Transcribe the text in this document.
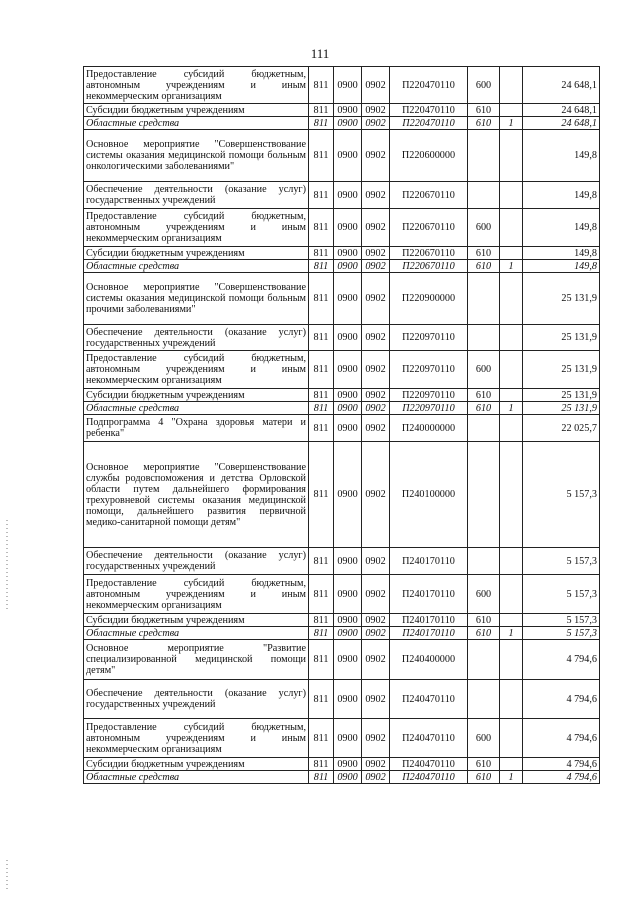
111
Предоставление субсидий бюджетным, автономным учреждениям и иным некоммерческим организациям	811	0900	0902	П220470110	600		24 648,1
Субсидии бюджетным учреждениям	811	0900	0902	П220470110	610		24 648,1
Областные средства	811	0900	0902	П220470110	610	1	24 648,1
Основное мероприятие "Совершенствование системы оказания медицинской помощи больным онкологическими заболеваниями"	811	0900	0902	П220600000			149,8
Обеспечение деятельности (оказание услуг) государственных учреждений	811	0900	0902	П220670110			149,8
Предоставление субсидий бюджетным, автономным учреждениям и иным некоммерческим организациям	811	0900	0902	П220670110	600		149,8
Субсидии бюджетным учреждениям	811	0900	0902	П220670110	610		149,8
Областные средства	811	0900	0902	П220670110	610	1	149,8
Основное мероприятие "Совершенствование системы оказания медицинской помощи больным прочими заболеваниями"	811	0900	0902	П220900000			25 131,9
Обеспечение деятельности (оказание услуг) государственных учреждений	811	0900	0902	П220970110			25 131,9
Предоставление субсидий бюджетным, автономным учреждениям и иным некоммерческим организациям	811	0900	0902	П220970110	600		25 131,9
Субсидии бюджетным учреждениям	811	0900	0902	П220970110	610		25 131,9
Областные средства	811	0900	0902	П220970110	610	1	25 131,9
Подпрограмма 4 "Охрана здоровья матери и ребенка"	811	0900	0902	П240000000			22 025,7
Основное мероприятие "Совершенствование службы родовспоможения и детства Орловской области путем дальнейшего формирования трехуровневой системы оказания медицинской помощи, дальнейшего развития первичной медико-санитарной помощи детям"	811	0900	0902	П240100000			5 157,3
Обеспечение деятельности (оказание услуг) государственных учреждений	811	0900	0902	П240170110			5 157,3
Предоставление субсидий бюджетным, автономным учреждениям и иным некоммерческим организациям	811	0900	0902	П240170110	600		5 157,3
Субсидии бюджетным учреждениям	811	0900	0902	П240170110	610		5 157,3
Областные средства	811	0900	0902	П240170110	610	1	5 157,3
Основное мероприятие "Развитие специализированной медицинской помощи детям"	811	0900	0902	П240400000			4 794,6
Обеспечение деятельности (оказание услуг) государственных учреждений	811	0900	0902	П240470110			4 794,6
Предоставление субсидий бюджетным, автономным учреждениям и иным некоммерческим организациям	811	0900	0902	П240470110	600		4 794,6
Субсидии бюджетным учреждениям	811	0900	0902	П240470110	610		4 794,6
Областные средства	811	0900	0902	П240470110	610	1	4 794,6
